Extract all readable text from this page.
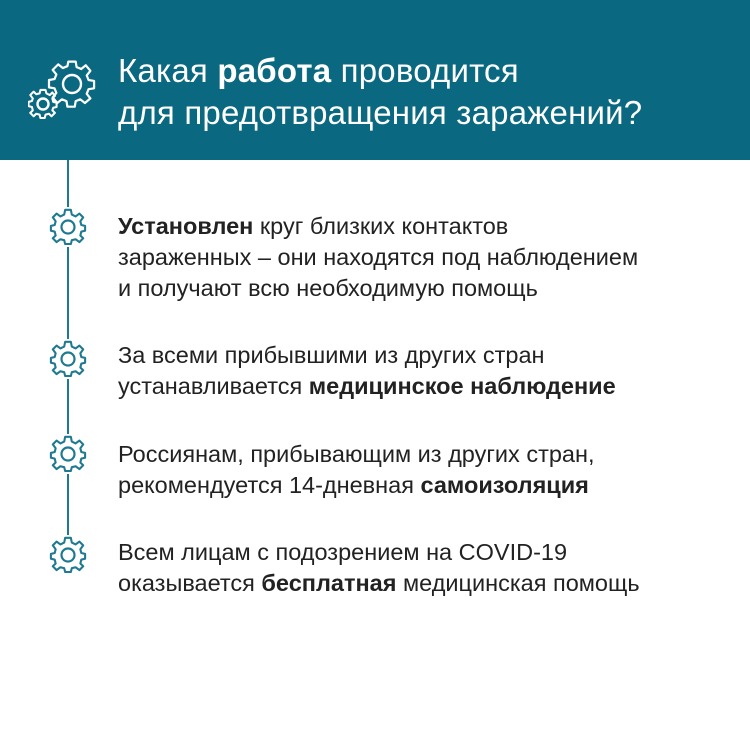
Какая работа проводится
для предотвращения заражений?
Установлен круг близких контактов
зараженных – они находятся под наблюдением
и получают всю необходимую помощь
За всеми прибывшими из других стран
устанавливается медицинское наблюдение
Россиянам, прибывающим из других стран,
рекомендуется 14-дневная самоизоляция
Всем лицам с подозрением на COVID-19
оказывается бесплатная медицинская помощь
